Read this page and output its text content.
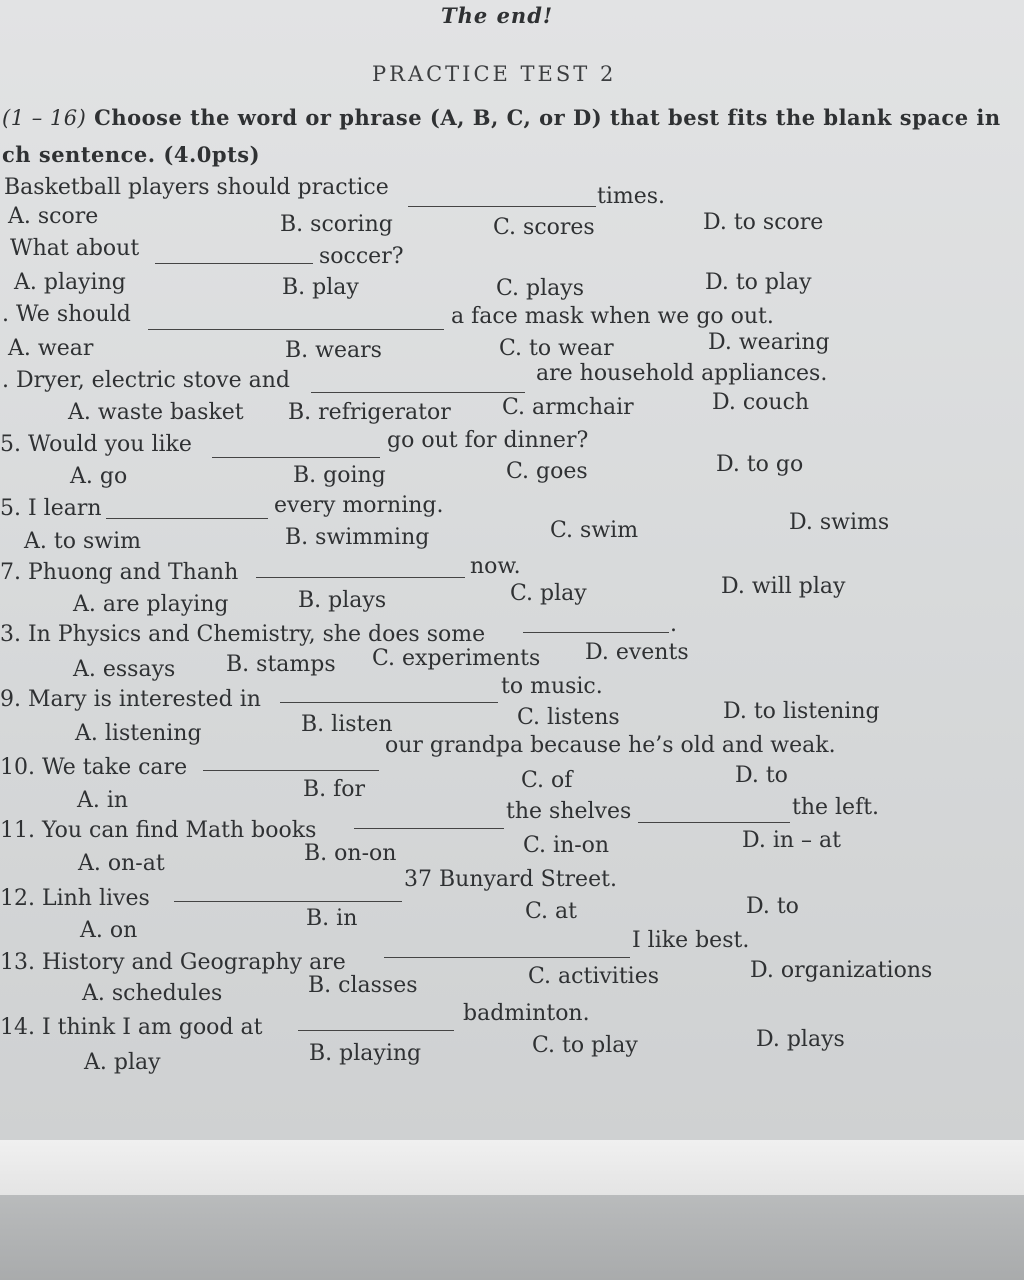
The end!
PRACTICE TEST 2
(1 – 16) Choose the word or phrase (A, B, C, or D) that best fits the blank space in
ch sentence. (4.0pts)
Basketball players should practice	times.
A. score	B. scoring	C. scores	D. to score
What about	soccer?
A. playing	B. play	C. plays	D. to play
. We should	a face mask when we go out.
A. wear	B. wears	C. to wear	D. wearing
. Dryer, electric stove and	are household appliances.
A. waste basket B. refrigerator C. armchair	D. couch
5. Would you like	go out for dinner?
A. go	B. going	C. goes	D. to go
5. I learn	every morning.
A. to swim	B. swimming	C. swim	D. swims
7. Phuong and Thanh	now.
A. are playing	B. plays	C. play	D. will play
3. In Physics and Chemistry, she does some	.
A. essays B. stamps C. experiments D. events
9. Mary is interested in
to music.
A. listening	B. listen	C. listens	D. to listening
10. We take care
our grandpa because he’s old and weak.
A. in	B. for	C. of	D. to
11. You can find Math books
the shelves	the left.
A. on-at	B. on-on	C. in-on	D. in – at
12. Linh lives
37 Bunyard Street.
A. on	B. in	C. at	D. to
13. History and Geography are
I like best.
A. schedules	B. classes	C. activities	D. organizations
14. I think I am good at
badminton.
A. play	B. playing	C. to play	D. plays
